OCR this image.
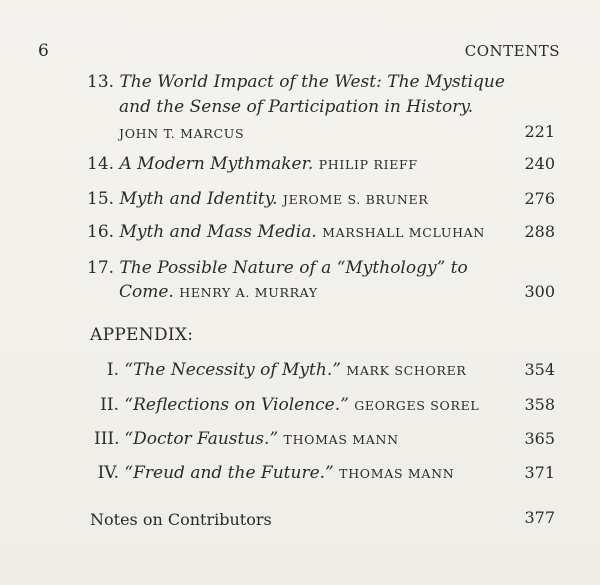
6	CONTENTS
13. The World Impact of the West: The Mystique
and the Sense of Participation in History.
JOHN T. MARCUS	221
14. A Modern Mythmaker. PHILIP RIEFF	240
15. Myth and Identity. JEROME S. BRUNER	276
16. Myth and Mass Media. MARSHALL MCLUHAN 288
17. The Possible Nature of a “Mythology” to
Come. HENRY A. MURRAY	300
APPENDIX:
I. “The Necessity of Myth.” MARK SCHORER	354
II. “Reflections on Violence.” GEORGES SOREL	358
III. “Doctor Faustus.” THOMAS MANN	365
IV. “Freud and the Future.” THOMAS MANN	371
Notes on Contributors	377
